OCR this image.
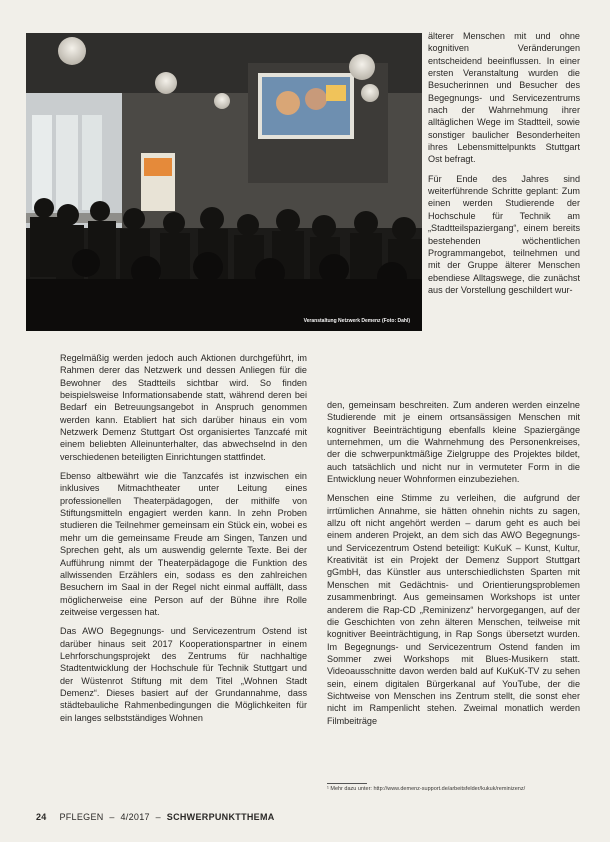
Veranstaltung Netzwerk Demenz (Foto: Dahl)

älterer Menschen mit und ohne kognitiven Veränderungen entscheidend beeinflussen. In einer ersten Veranstaltung wurden die Besucherinnen und Besucher des Begegnungs- und Servicezentrums nach der Wahrnehmung ihrer alltäglichen Wege im Stadtteil, sowie sonstiger baulicher Besonderheiten ihres Lebensmittelpunkts Stuttgart Ost befragt.

Für Ende des Jahres sind weiterführende Schritte geplant: Zum einen werden Studierende der Hochschule für Technik am „Stadtteilspaziergang“, einem bereits bestehenden wöchentlichen Programmangebot, teilnehmen und mit der Gruppe älterer Menschen ebendiese Alltagswege, die zunächst aus der Vorstellung geschildert wur-

Regelmäßig werden jedoch auch Aktionen durchgeführt, im Rahmen derer das Netzwerk und dessen Anliegen für die Bewohner des Stadtteils sichtbar wird. So finden beispielsweise Informationsabende statt, während deren bei Bedarf ein Betreuungsangebot in Anspruch genommen werden kann. Etabliert hat sich darüber hinaus ein vom Netzwerk Demenz Stuttgart Ost organisiertes Tanzcafé mit einem beliebten Alleinunterhalter, das abwechselnd in den verschiedenen beteiligten Einrichtungen stattfindet.

Ebenso altbewährt wie die Tanzcafés ist inzwischen ein inklusives Mitmachtheater unter Leitung eines professionellen Theaterpädagogen, der mithilfe von Stiftungsmitteln engagiert werden kann. In zehn Proben studieren die Teilnehmer gemeinsam ein Stück ein, wobei es mehr um die gemeinsame Freude am Singen, Tanzen und Sprechen geht, als um auswendig gelernte Texte. Bei der Aufführung nimmt der Theaterpädagoge die Funktion des allwissenden Erzählers ein, sodass es den zahlreichen Besuchern im Saal in der Regel nicht einmal auffällt, dass möglicherweise eine Person auf der Bühne ihre Rolle zeitweise vergessen hat.

Das AWO Begegnungs- und Servicezentrum Ostend ist darüber hinaus seit 2017 Kooperationspartner in einem Lehrforschungsprojekt des Zentrums für nachhaltige Stadtentwicklung der Hochschule für Technik Stuttgart und der Wüstenrot Stiftung mit dem Titel „Wohnen Stadt Demenz“. Dieses basiert auf der Grundannahme, dass städtebauliche Rahmenbedingungen die Möglichkeiten für ein langes selbstständiges Wohnen

den, gemeinsam beschreiten. Zum anderen werden einzelne Studierende mit je einem ortsansässigen Menschen mit kognitiver Beeinträchtigung ebenfalls kleine Spaziergänge unternehmen, um die Wahrnehmung des Personenkreises, der die schwerpunktmäßige Zielgruppe des Projektes bildet, auch tatsächlich und nicht nur in vermuteter Form in die Entwicklung neuer Wohnformen einzubeziehen.

Menschen eine Stimme zu verleihen, die aufgrund der irrtümlichen Annahme, sie hätten ohnehin nichts zu sagen, allzu oft nicht angehört werden – darum geht es auch bei einem anderen Projekt, an dem sich das AWO Begegnungs- und Servicezentrum Ostend beteiligt: KuKuK – Kunst, Kultur, Kreativität ist ein Projekt der Demenz Support Stuttgart gGmbH, das Künstler aus unterschiedlichsten Sparten mit Menschen mit Gedächtnis- und Orientierungsproblemen zusammenbringt. Aus gemeinsamen Workshops ist unter anderem die Rap-CD „Reminizenz“ hervorgegangen, auf der die Geschichten von zehn älteren Menschen, teilweise mit kognitiver Beeinträchtigung, in Rap Songs übersetzt wurden. Im Begegnungs- und Servicezentrum Ostend fanden im Sommer zwei Workshops mit Blues-Musikern statt. Videoausschnitte davon werden bald auf KuKuK-TV zu sehen sein, einem digitalen Bürgerkanal auf YouTube, der die Sichtweise von Menschen ins Zentrum stellt, die sonst eher nicht im Rampenlicht stehen. Zweimal monatlich werden Filmbeiträge

¹ Mehr dazu unter: http://www.demenz-support.de/arbeitsfelder/kukuk/reminizenz/
24 PFLEGEN – 4/2017 – SCHWERPUNKTTHEMA
